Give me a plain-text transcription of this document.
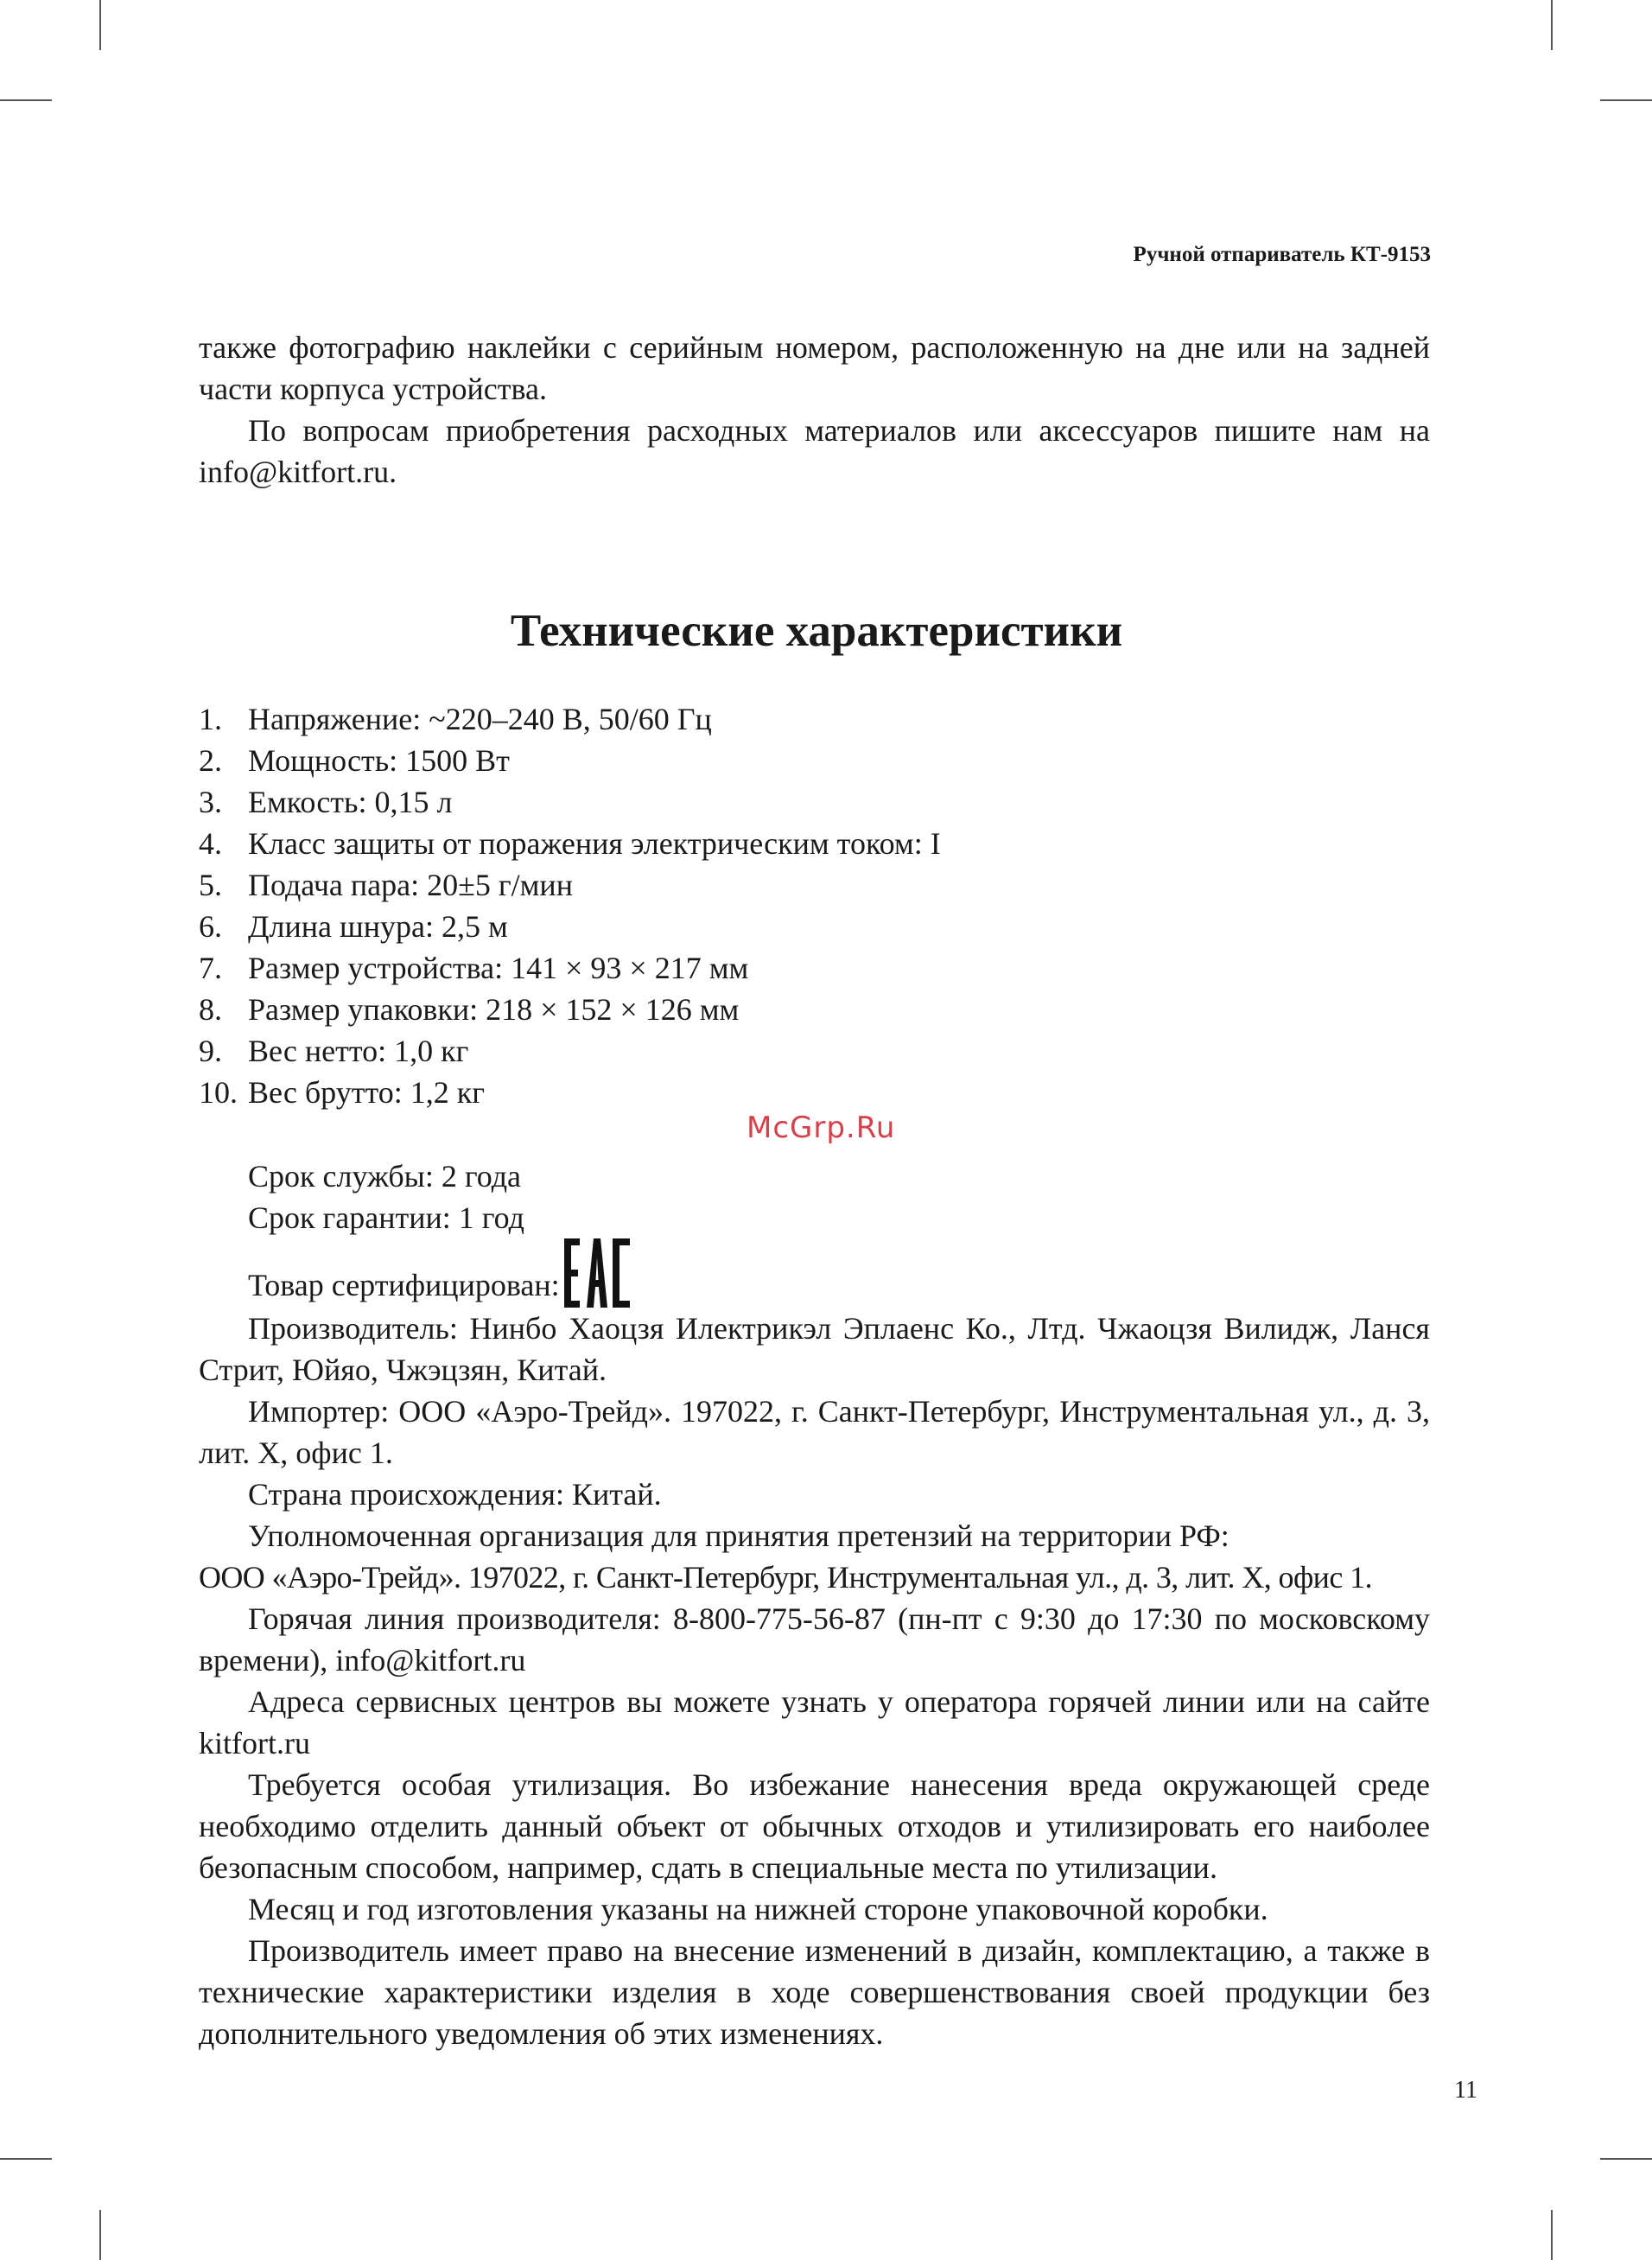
Ручной отпариватель КТ-9153

также фотографию наклейки с серийным номером, расположенную на дне или на задней части корпуса устройства.

По вопросам приобретения расходных материалов или аксессуаров пишите нам на info@kitfort.ru.

Технические характеристики
1. Напряжение: ~220–240 В, 50/60 Гц
2. Мощность: 1500 Вт
3. Емкость: 0,15 л
4. Класс защиты от поражения электрическим током: I
5. Подача пара: 20±5 г/мин
6. Длина шнура: 2,5 м
7. Размер устройства: 141 × 93 × 217 мм
8. Размер упаковки: 218 × 152 × 126 мм
9. Вес нетто: 1,0 кг
10. Вес брутто: 1,2 кг
McGrp.Ru

Срок службы: 2 года

Срок гарантии: 1 год

Товар сертифицирован:

Производитель: Нинбо Хаоцзя Илектрикэл Эплаенс Ко., Лтд. Чжаоцзя Вилидж, Ланся Стрит, Юйяо, Чжэцзян, Китай.

Импортер: ООО «Аэро-Трейд». 197022, г. Санкт-Петербург, Инструментальная ул., д. 3, лит. Х, офис 1.

Страна происхождения: Китай.

Уполномоченная организация для принятия претензий на территории РФ:

ООО «Аэро-Трейд». 197022, г. Санкт-Петербург, Инструментальная ул., д. 3, лит. Х, офис 1.

Горячая линия производителя: 8-800-775-56-87 (пн-пт с 9:30 до 17:30 по московскому времени), info@kitfort.ru

Адреса сервисных центров вы можете узнать у оператора горячей линии или на сайте kitfort.ru

Требуется особая утилизация. Во избежание нанесения вреда окружающей среде необходимо отделить данный объект от обычных отходов и утилизировать его наиболее безопасным способом, например, сдать в специальные места по утилизации.

Месяц и год изготовления указаны на нижней стороне упаковочной коробки.

Производитель имеет право на внесение изменений в дизайн, комплектацию, а также в технические характеристики изделия в ходе совершенствования своей продукции без дополнительного уведомления об этих изменениях.

11
